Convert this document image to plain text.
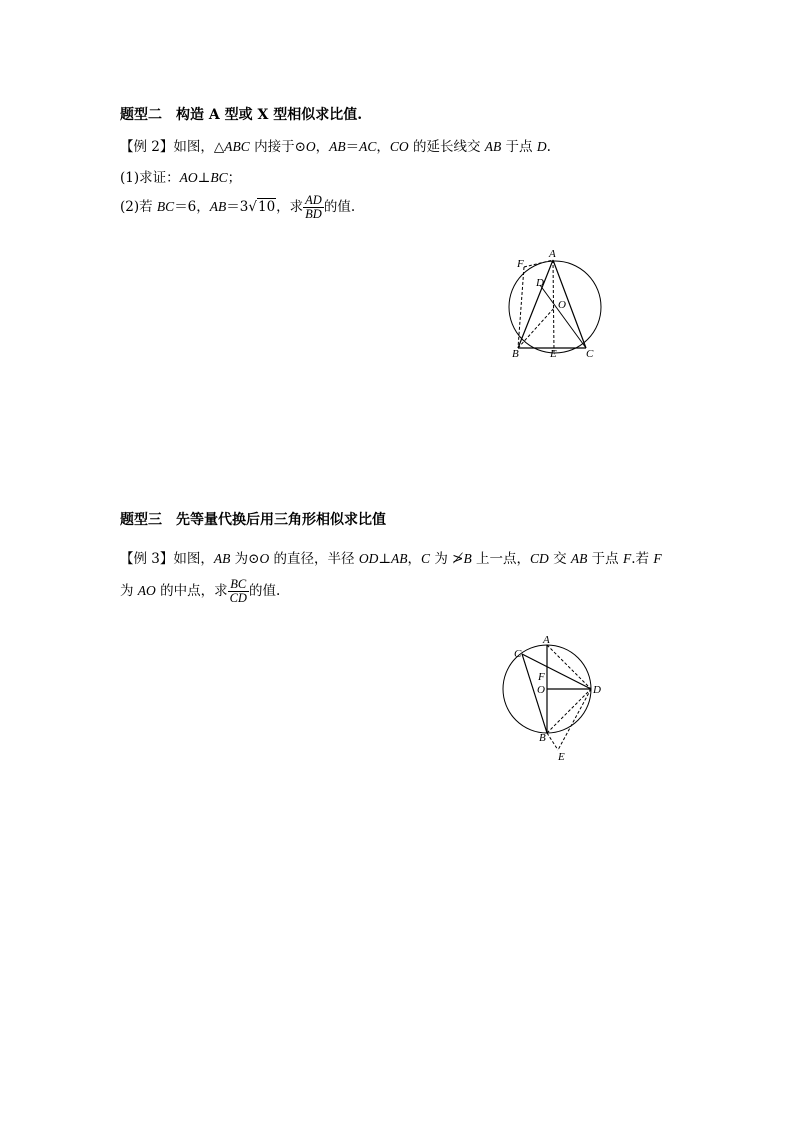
题型二　构造 A 型或 X 型相似求比值.
【例 2】如图，△ABC 内接于⊙O，AB＝AC，CO 的延长线交 AB 于点 D.
(1)求证：AO⊥BC；
(2)若 BC＝6，AB＝3√10，求 $\frac{AD}{BD}$ 的值.
A
F
D
O
B	E	C
题型三　先等量代换后用三角形相似求比值
【例 3】如图，AB 为⊙O 的直径，半径 OD⊥AB，C 为 ≯B 上一点，CD 交 AB 于点 F.若 F
为 AO 的中点，求 $\frac{BC}{CD}$ 的值.
A
C
F
O	D
B
E
